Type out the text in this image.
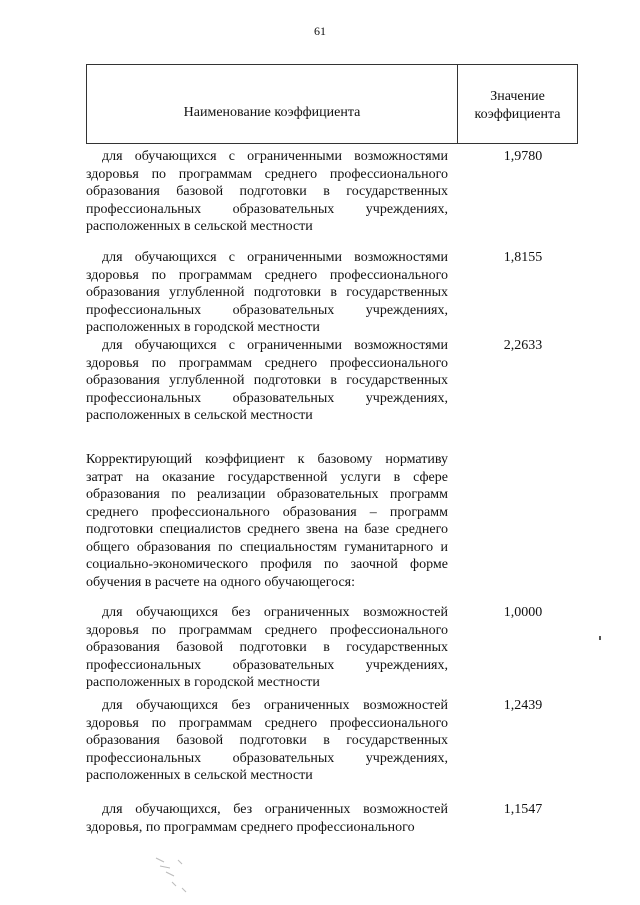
61
Наименование коэффициента
Значение коэффициента
для обучающихся с ограниченными возможностями здоровья по программам среднего профессионального образования базовой подготовки в государственных профессиональных образовательных учреждениях, расположенных в сельской местности
1,9780
для обучающихся с ограниченными возможностями здоровья по программам среднего профессионального образования углубленной подготовки в государственных профессиональных образовательных учреждениях, расположенных в городской местности
1,8155
для обучающихся с ограниченными возможностями здоровья по программам среднего профессионального образования углубленной подготовки в государственных профессиональных образовательных учреждениях, расположенных в сельской местности
2,2633
Корректирующий коэффициент к базовому нормативу затрат на оказание государственной услуги в сфере образования по реализации образовательных программ среднего профессионального образования – программ подготовки специалистов среднего звена на базе среднего общего образования по специальностям гуманитарного и социально-экономического профиля по заочной форме обучения в расчете на одного обучающегося:
для обучающихся без ограниченных возможностей здоровья по программам среднего профессионального образования базовой подготовки в государственных профессиональных образовательных учреждениях, расположенных в городской местности
1,0000
для обучающихся без ограниченных возможностей здоровья по программам среднего профессионального образования базовой подготовки в государственных профессиональных образовательных учреждениях, расположенных в сельской местности
1,2439
для обучающихся, без ограниченных возможностей здоровья, по программам среднего профессионального
1,1547
